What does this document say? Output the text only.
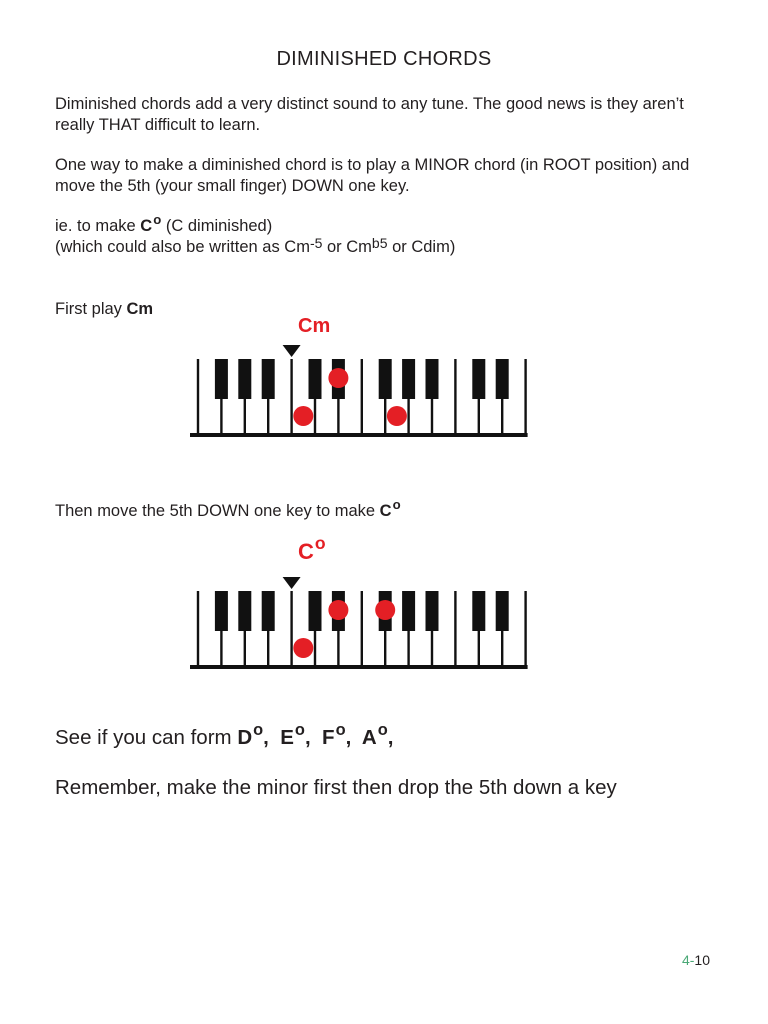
DIMINISHED CHORDS
Diminished chords add a very distinct sound to any tune. The good news is they aren’t really THAT difficult to learn.
One way to make a diminished chord is to play a MINOR chord (in ROOT position) and move the 5th (your small finger) DOWN one key.
ie. to make $C^o$ (C diminished)
(which could also be written as $Cm^{-5}$ or $Cm^{b5}$ or Cdim)
First play Cm
Cm
Then move the 5th DOWN one key to make $C^o$
$C^o$
See if you can form $D^o$,  $E^o$,  $F^o$,  $A^o$,
Remember, make the minor first then drop the 5th down a key
4-10
